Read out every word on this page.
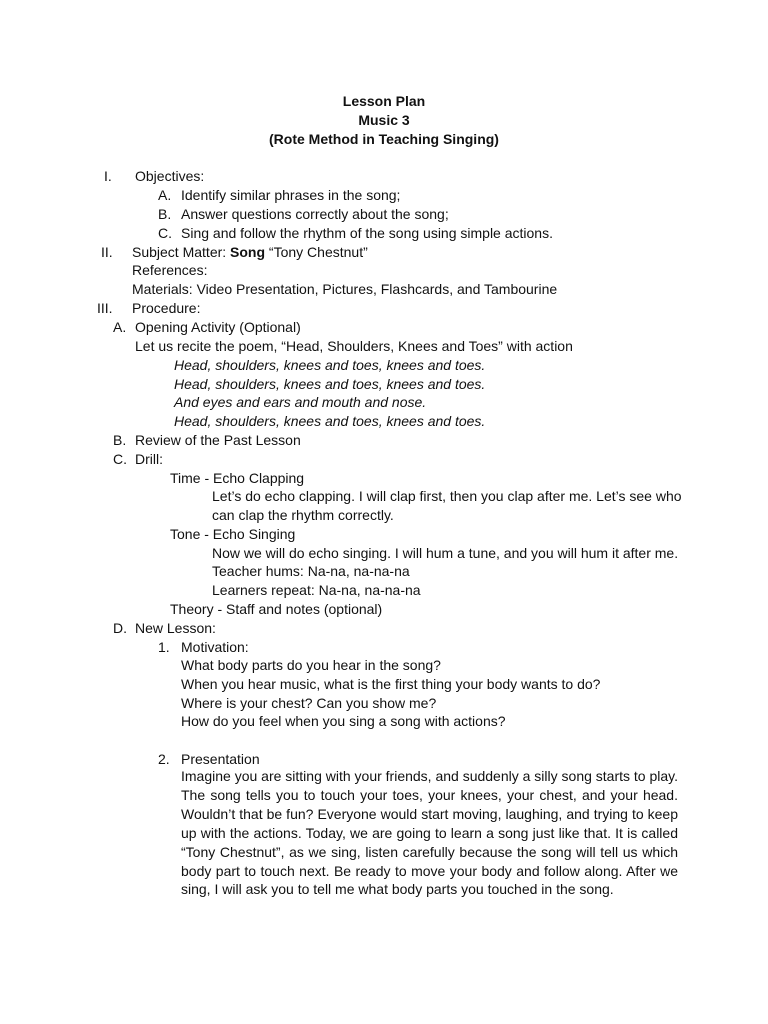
Lesson Plan
Music 3
(Rote Method in Teaching Singing)
I. Objectives:
A. Identify similar phrases in the song;
B. Answer questions correctly about the song;
C. Sing and follow the rhythm of the song using simple actions.
II. Subject Matter: Song “Tony Chestnut”
References:
Materials: Video Presentation, Pictures, Flashcards, and Tambourine
III. Procedure:
A. Opening Activity (Optional)
Let us recite the poem, “Head, Shoulders, Knees and Toes” with action
Head, shoulders, knees and toes, knees and toes.
Head, shoulders, knees and toes, knees and toes.
And eyes and ears and mouth and nose.
Head, shoulders, knees and toes, knees and toes.
B. Review of the Past Lesson
C. Drill:
Time - Echo Clapping
Let’s do echo clapping. I will clap first, then you clap after me. Let’s see who
can clap the rhythm correctly.
Tone - Echo Singing
Now we will do echo singing. I will hum a tune, and you will hum it after me.
Teacher hums: Na-na, na-na-na
Learners repeat: Na-na, na-na-na
Theory - Staff and notes (optional)
D. New Lesson:
1. Motivation:
What body parts do you hear in the song?
When you hear music, what is the first thing your body wants to do?
Where is your chest? Can you show me?
How do you feel when you sing a song with actions?
2. Presentation
Imagine you are sitting with your friends, and suddenly a silly song starts to play. The song tells you to touch your toes, your knees, your chest, and your head. Wouldn’t that be fun? Everyone would start moving, laughing, and trying to keep up with the actions. Today, we are going to learn a song just like that. It is called “Tony Chestnut”, as we sing, listen carefully because the song will tell us which body part to touch next. Be ready to move your body and follow along. After we sing, I will ask you to tell me what body parts you touched in the song.
